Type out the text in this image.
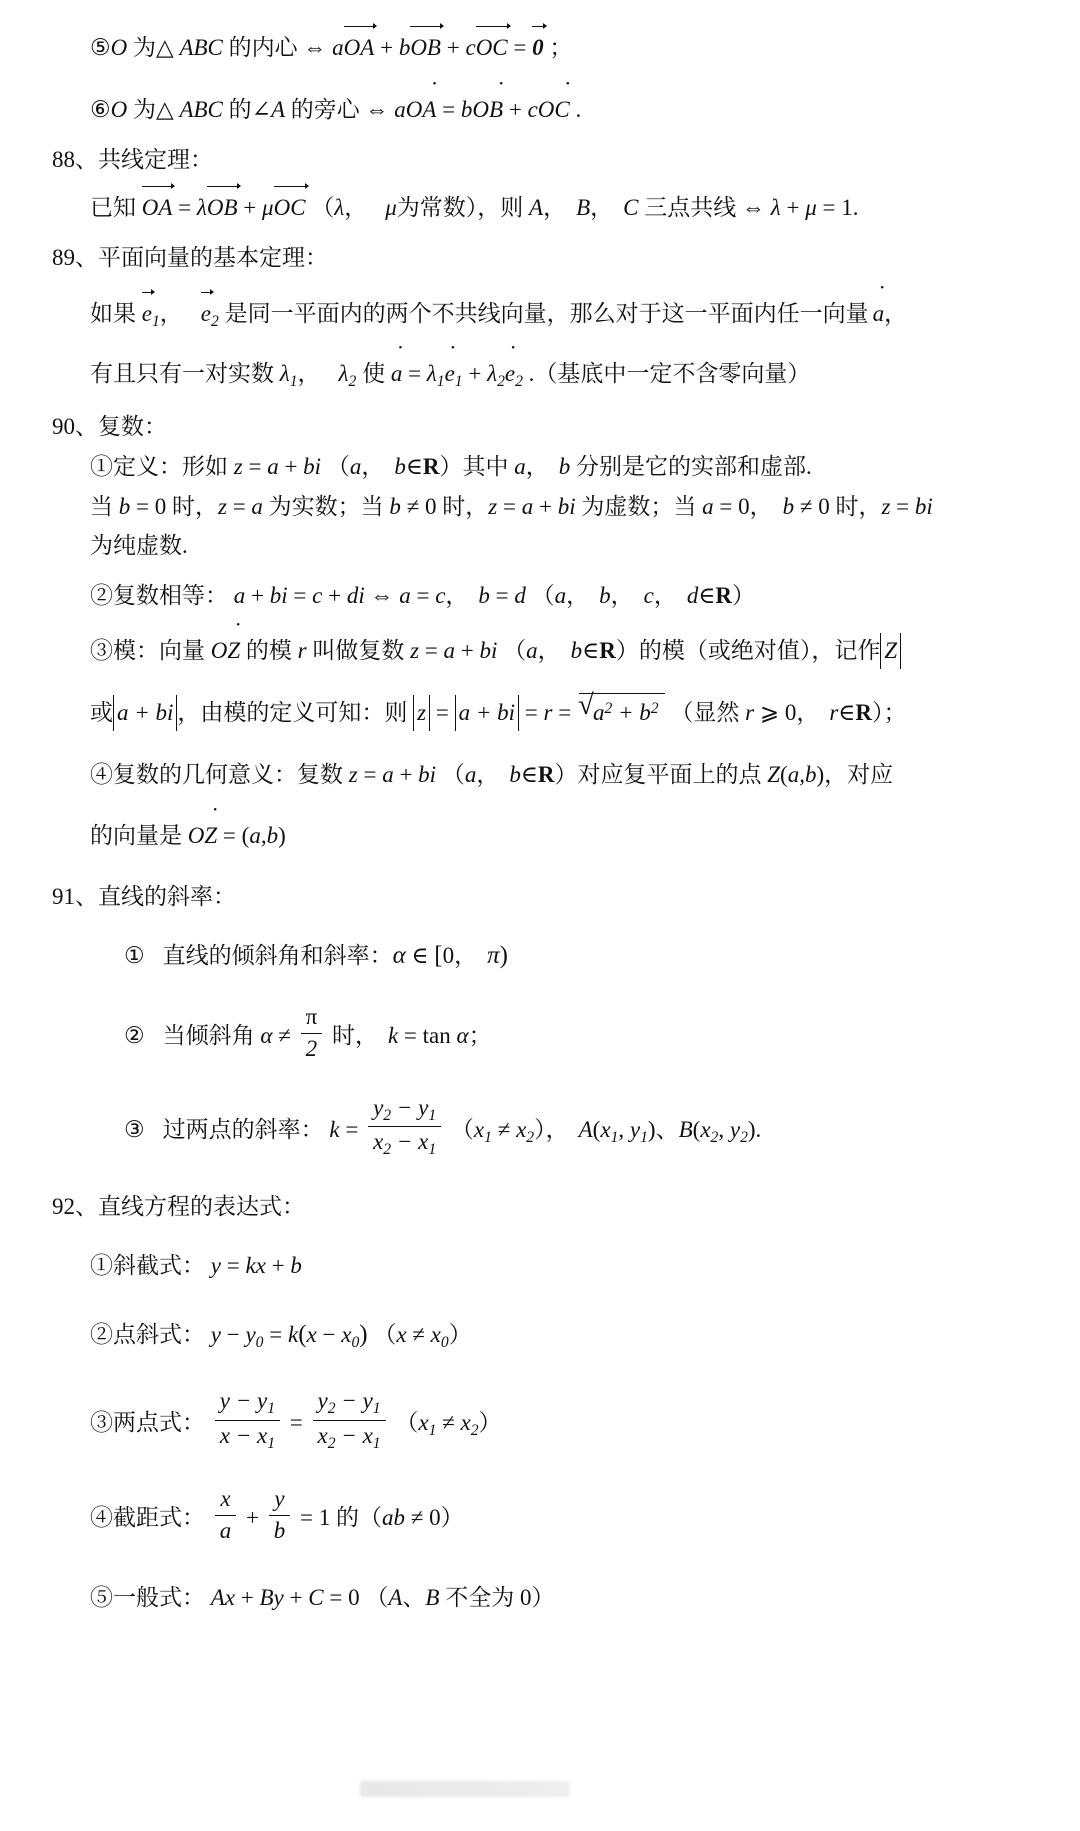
⑤O 为△ ABC 的内心 ⇔ aOA + bOB + cOC = 0 ；
⑥O 为△ ABC 的∠A 的旁心 ⇔ aOA • = bOB • + cOC • .
88、 共线定理：
已知 OA = λOB + μOC （λ， μ为常数），则 A， B， C 三点共线 ⇔ λ + μ = 1.
89、 平面向量的基本定理：
如果 $e_1$， $e_2$ 是同一平面内的两个不共线向量，那么对于这一平面内任一向量 a •，
有且只有一对实数 $\lambda_1$， $\lambda_2$ 使 a • = $\lambda_1e$ $•_1 + \lambda_2e$ $•_2$ .（基底中一定不含零向量）
90、 复数：
①定义：形如 z = a + bi （a， b∈R）其中 a， b 分别是它的实部和虚部.
当 b = 0 时，z = a 为实数；当 b ≠ 0 时，z = a + bi 为虚数；当 a = 0， b ≠ 0 时，z = bi
为纯虚数.
②复数相等： a + bi = c + di ⇔ a = c， b = d （a， b， c， d∈R）
③模：向量 OZ • 的模 r 叫做复数 z = a + bi （a， b∈R）的模（或绝对值），记作 Z
或 a + bi ，由模的定义可知：则 z = a + bi = r = √ $a^2 + b^2$ （显然 r ⩾ 0， r∈R）；
④复数的几何意义：复数 z = a + bi （a， b∈R）对应复平面上的点 Z(a,b)，对应
的向量是 OZ • = (a,b)
91、 直线的斜率：
① 直线的倾斜角和斜率：α ∈ [0， π)
② 当倾斜角 $\alpha \ne \frac{\pi}{2}$ 时， k = tan α；
③ 过两点的斜率： $k = \frac{y_2 - y_1}{x_2 - x_1} (x_1 \ne x_2)$， $A(x_1$, $y_1$)、$B(x_2$, $y_2$).
92、 直线方程的表达式：
①斜截式： y = kx + b
②点斜式： $y - y_0 = k(x - x_0) (x \ne x_0)$
③两点式： $\frac{y - y_1}{x - x_1} = \frac{y_2 - y_1}{x_2 - x_1} (x_1 \ne x_2)$
④截距式： $\frac{x}{a} + \frac{y}{b} = 1$ 的（ab ≠ 0）
⑤一般式： Ax + By + C = 0 （A、B 不全为 0）
